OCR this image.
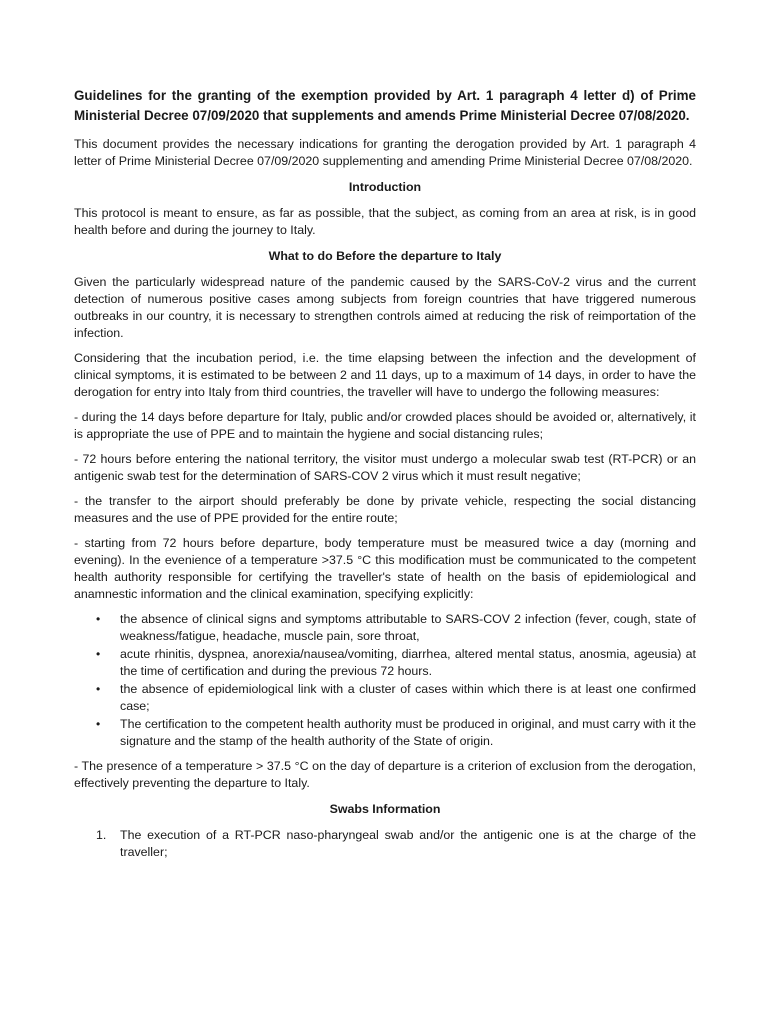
Guidelines for the granting of the exemption provided by Art. 1 paragraph 4 letter d) of Prime Ministerial Decree 07/09/2020 that supplements and amends Prime Ministerial Decree 07/08/2020.

This document provides the necessary indications for granting the derogation provided by Art. 1 paragraph 4 letter of Prime Ministerial Decree 07/09/2020 supplementing and amending Prime Ministerial Decree 07/08/2020.

Introduction

This protocol is meant to ensure, as far as possible, that the subject, as coming from an area at risk, is in good health before and during the journey to Italy.

What to do Before the departure to Italy

Given the particularly widespread nature of the pandemic caused by the SARS-CoV-2 virus and the current detection of numerous positive cases among subjects from foreign countries that have triggered numerous outbreaks in our country, it is necessary to strengthen controls aimed at reducing the risk of reimportation of the infection.

Considering that the incubation period, i.e. the time elapsing between the infection and the development of clinical symptoms, it is estimated to be between 2 and 11 days, up to a maximum of 14 days, in order to have the derogation for entry into Italy from third countries, the traveller will have to undergo the following measures:

- during the 14 days before departure for Italy, public and/or crowded places should be avoided or, alternatively, it is appropriate the use of PPE and to maintain the hygiene and social distancing rules;

- 72 hours before entering the national territory, the visitor must undergo a molecular swab test (RT-PCR) or an antigenic swab test for the determination of SARS-COV 2 virus which it must result negative;

- the transfer to the airport should preferably be done by private vehicle, respecting the social distancing measures and the use of PPE provided for the entire route;

- starting from 72 hours before departure, body temperature must be measured twice a day (morning and evening). In the evenience of a temperature >37.5 °C this modification must be communicated to the competent health authority responsible for certifying the traveller's state of health on the basis of epidemiological and anamnestic information and the clinical examination, specifying explicitly:

• the absence of clinical signs and symptoms attributable to SARS-COV 2 infection (fever, cough, state of weakness/fatigue, headache, muscle pain, sore throat,
• acute rhinitis, dyspnea, anorexia/nausea/vomiting, diarrhea, altered mental status, anosmia, ageusia) at the time of certification and during the previous 72 hours.
• the absence of epidemiological link with a cluster of cases within which there is at least one confirmed case;
• The certification to the competent health authority must be produced in original, and must carry with it the signature and the stamp of the health authority of the State of origin.

- The presence of a temperature > 37.5 °C on the day of departure is a criterion of exclusion from the derogation, effectively preventing the departure to Italy.

Swabs Information
1. The execution of a RT-PCR naso-pharyngeal swab and/or the antigenic one is at the charge of the traveller;
